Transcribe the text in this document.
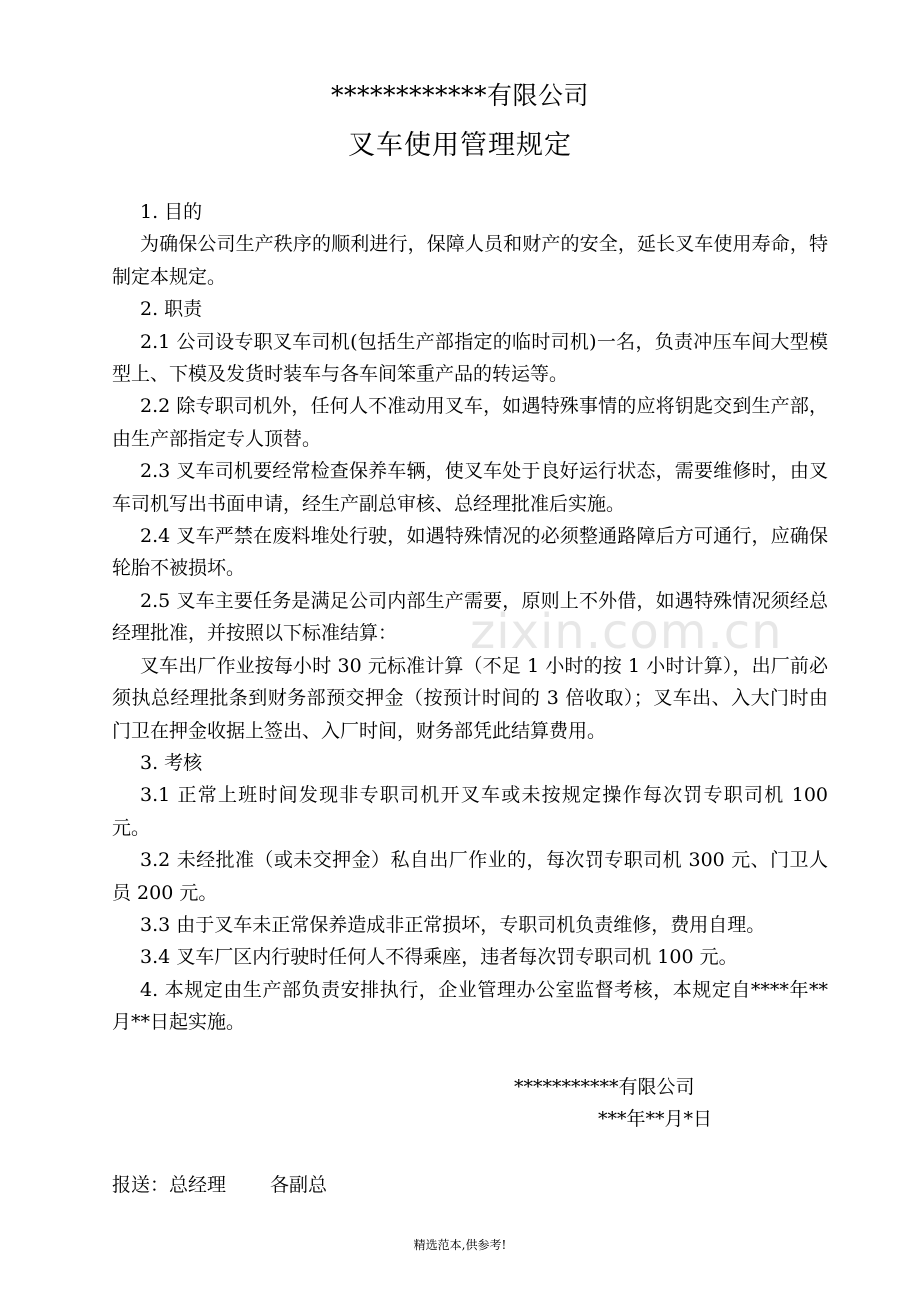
************有限公司
叉车使用管理规定

1. 目的

为确保公司生产秩序的顺利进行，保障人员和财产的安全，延长叉车使用寿命，特制定本规定。

2. 职责

2.1 公司设专职叉车司机(包括生产部指定的临时司机)一名，负责冲压车间大型模型上、下模及发货时装车与各车间笨重产品的转运等。

2.2 除专职司机外，任何人不准动用叉车，如遇特殊事情的应将钥匙交到生产部，由生产部指定专人顶替。

2.3 叉车司机要经常检查保养车辆，使叉车处于良好运行状态，需要维修时，由叉车司机写出书面申请，经生产副总审核、总经理批准后实施。

2.4 叉车严禁在废料堆处行驶，如遇特殊情况的必须整通路障后方可通行，应确保轮胎不被损坏。

2.5 叉车主要任务是满足公司内部生产需要，原则上不外借，如遇特殊情况须经总经理批准，并按照以下标准结算：

叉车出厂作业按每小时 30 元标准计算（不足 1 小时的按 1 小时计算），出厂前必须执总经理批条到财务部预交押金（按预计时间的 3 倍收取）；叉车出、入大门时由门卫在押金收据上签出、入厂时间，财务部凭此结算费用。

3. 考核

3.1 正常上班时间发现非专职司机开叉车或未按规定操作每次罚专职司机 100 元。

3.2 未经批准（或未交押金）私自出厂作业的，每次罚专职司机 300 元、门卫人员 200 元。

3.3 由于叉车未正常保养造成非正常损坏，专职司机负责维修，费用自理。

3.4 叉车厂区内行驶时任何人不得乘座，违者每次罚专职司机 100 元。

4. 本规定由生产部负责安排执行，企业管理办公室监督考核，本规定自****年**月**日起实施。

zixin.com.cn
***********有限公司
***年**月*日
报送：总经理 各副总
精选范本,供参考!
